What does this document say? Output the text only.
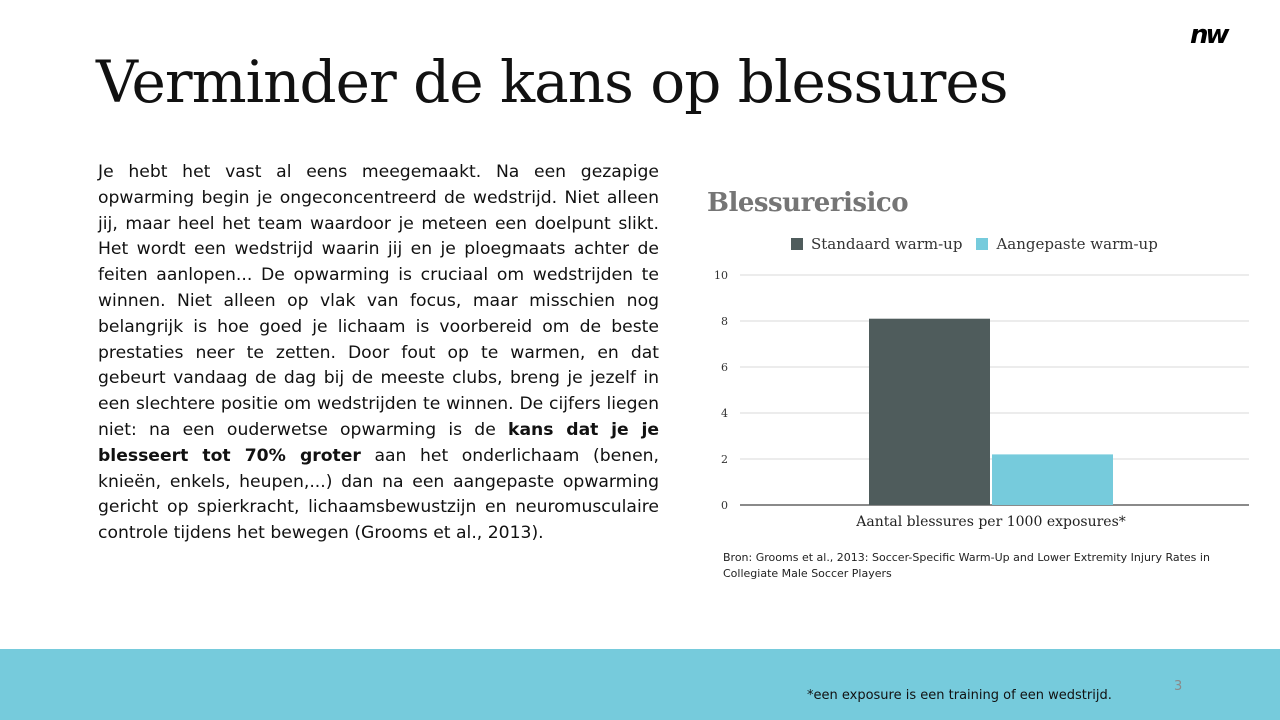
nw
Verminder de kans op blessures

Je hebt het vast al eens meegemaakt. Na een gezapige opwarming begin je ongeconcentreerd de wedstrijd. Niet alleen jij, maar heel het team waardoor je meteen een doelpunt slikt. Het wordt een wedstrijd waarin jij en je ploegmaats achter de feiten aanlopen... De opwarming is cruciaal om wedstrijden te winnen. Niet alleen op vlak van focus, maar misschien nog belangrijk is hoe goed je lichaam is voorbereid om de beste prestaties neer te zetten. Door fout op te warmen, en dat gebeurt vandaag de dag bij de meeste clubs, breng je jezelf in een slechtere positie om wedstrijden te winnen. De cijfers liegen niet: na een ouderwetse opwarming is de kans dat je je blesseert tot 70% groter aan het onderlichaam (benen, knieën, enkels, heupen,...) dan na een aangepaste opwarming gericht op spierkracht, lichaamsbewustzijn en neuromusculaire controle tijdens het bewegen (Grooms et al., 2013).

Blessurerisico
Standaard warm-up Aangepaste warm-up
0
2
4
6
8
10
Aantal blessures per 1000 exposures*
Bron: Grooms et al., 2013: Soccer-Specific Warm-Up and Lower Extremity Injury Rates in Collegiate Male Soccer Players
3
*een exposure is een training of een wedstrijd.
